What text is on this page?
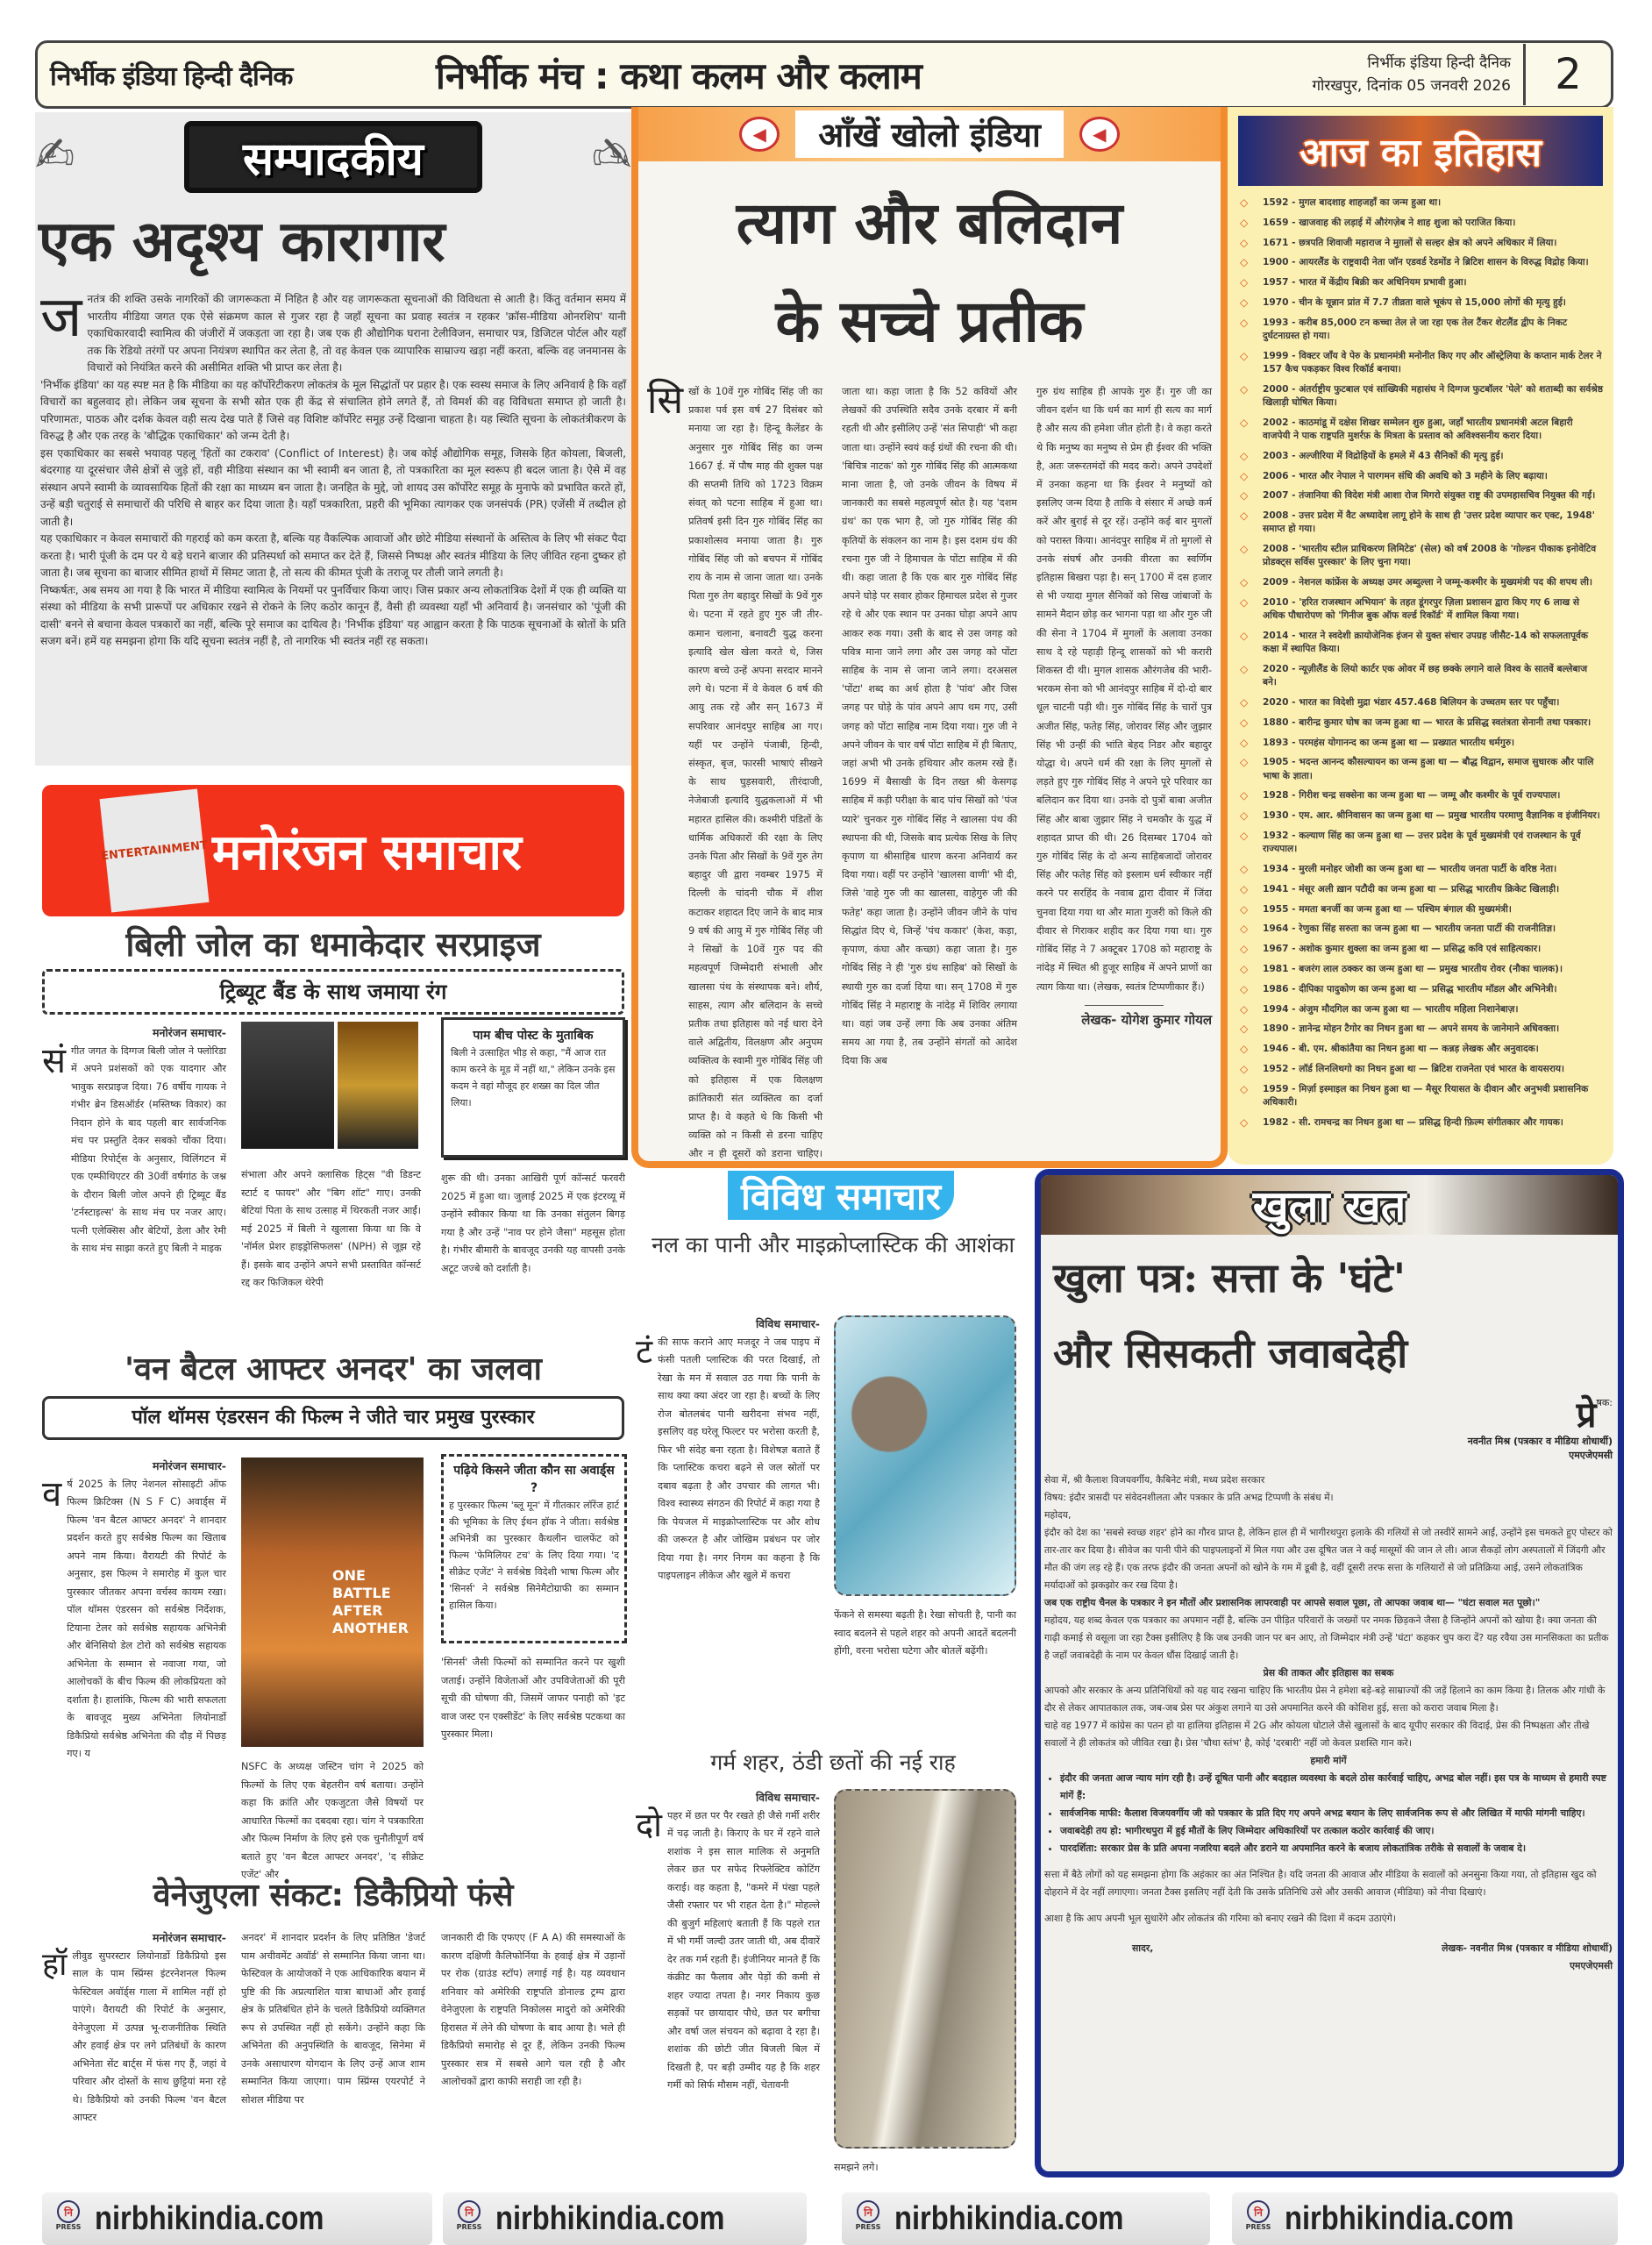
निर्भीक इंडिया हिन्दी दैनिक	निर्भीक मंच : कथा कलम और कलाम	निर्भीक इंडिया हिन्दी दैनिक
गोरखपुर, दिनांक 05 जनवरी 2026	2
✍	सम्पादकीय	✍
एक अदृश्य कारागार
ज नतंत्र की शक्ति उसके नागरिकों की जागरूकता में निहित है और यह जागरूकता सूचनाओं की विविधता से आती है। किंतु वर्तमान समय में भारतीय मीडिया जगत एक ऐसे संक्रमण काल से गुजर रहा है जहाँ सूचना का प्रवाह स्वतंत्र न रहकर 'क्रॉस-मीडिया ओनरशिप' यानी एकाधिकारवादी स्वामित्व की जंजीरों में जकड़ता जा रहा है। जब एक ही औद्योगिक घराना टेलीविजन, समाचार पत्र, डिजिटल पोर्टल और यहाँ तक कि रेडियो तरंगों पर अपना नियंत्रण स्थापित कर लेता है, तो वह केवल एक व्यापारिक साम्राज्य खड़ा नहीं करता, बल्कि वह जनमानस के विचारों को नियंत्रित करने की असीमित शक्ति भी प्राप्त कर लेता है।

'निर्भीक इंडिया' का यह स्पष्ट मत है कि मीडिया का यह कॉर्पोरेटीकरण लोकतंत्र के मूल सिद्धांतों पर प्रहार है। एक स्वस्थ समाज के लिए अनिवार्य है कि वहाँ विचारों का बहुलवाद हो। लेकिन जब सूचना के सभी स्रोत एक ही केंद्र से संचालित होने लगते हैं, तो विमर्श की वह विविधता समाप्त हो जाती है। परिणामतः, पाठक और दर्शक केवल वही सत्य देख पाते हैं जिसे वह विशिष्ट कॉर्पोरेट समूह उन्हें दिखाना चाहता है। यह स्थिति सूचना के लोकतंत्रीकरण के विरुद्ध है और एक तरह के 'बौद्धिक एकाधिकार' को जन्म देती है।

इस एकाधिकार का सबसे भयावह पहलू 'हितों का टकराव' (Conflict of Interest) है। जब कोई औद्योगिक समूह, जिसके हित कोयला, बिजली, बंदरगाह या दूरसंचार जैसे क्षेत्रों से जुड़े हों, वही मीडिया संस्थान का भी स्वामी बन जाता है, तो पत्रकारिता का मूल स्वरूप ही बदल जाता है। ऐसे में वह संस्थान अपने स्वामी के व्यावसायिक हितों की रक्षा का माध्यम बन जाता है। जनहित के मुद्दे, जो शायद उस कॉर्पोरेट समूह के मुनाफे को प्रभावित करते हों, उन्हें बड़ी चतुराई से समाचारों की परिधि से बाहर कर दिया जाता है। यहाँ पत्रकारिता, प्रहरी की भूमिका त्यागकर एक जनसंपर्क (PR) एजेंसी में तब्दील हो जाती है।

यह एकाधिकार न केवल समाचारों की गहराई को कम करता है, बल्कि यह वैकल्पिक आवाजों और छोटे मीडिया संस्थानों के अस्तित्व के लिए भी संकट पैदा करता है। भारी पूंजी के दम पर ये बड़े घराने बाजार की प्रतिस्पर्धा को समाप्त कर देते हैं, जिससे निष्पक्ष और स्वतंत्र मीडिया के लिए जीवित रहना दुष्कर हो जाता है। जब सूचना का बाजार सीमित हाथों में सिमट जाता है, तो सत्य की कीमत पूंजी के तराजू पर तौली जाने लगती है।

निष्कर्षतः, अब समय आ गया है कि भारत में मीडिया स्वामित्व के नियमों पर पुनर्विचार किया जाए। जिस प्रकार अन्य लोकतांत्रिक देशों में एक ही व्यक्ति या संस्था को मीडिया के सभी प्रारूपों पर अधिकार रखने से रोकने के लिए कठोर कानून हैं, वैसी ही व्यवस्था यहाँ भी अनिवार्य है। जनसंचार को 'पूंजी की दासी' बनने से बचाना केवल पत्रकारों का नहीं, बल्कि पूरे समाज का दायित्व है। 'निर्भीक इंडिया' यह आह्वान करता है कि पाठक सूचनाओं के स्रोतों के प्रति सजग बनें। हमें यह समझना होगा कि यदि सूचना स्वतंत्र नहीं है, तो नागरिक भी स्वतंत्र नहीं रह सकता।

◀	आँखें खोलो इंडिया	◀
त्याग और बलिदान
के सच्चे प्रतीक
सि खों के 10वें गुरु गोबिंद सिंह जी का प्रकाश पर्व इस वर्ष 27 दिसंबर को मनाया जा रहा है। हिन्दू कैलेंडर के अनुसार गुरु गोबिंद सिंह का जन्म 1667 ई. में पौष माह की शुक्ल पक्ष की सप्तमी तिथि को 1723 विक्रम संवत् को पटना साहिब में हुआ था। प्रतिवर्ष इसी दिन गुरु गोबिंद सिंह का प्रकाशोत्सव मनाया जाता है। गुरु गोबिंद सिंह जी को बचपन में गोबिंद राय के नाम से जाना जाता था। उनके पिता गुरु तेग बहादुर सिखों के 9वें गुरु थे। पटना में रहते हुए गुरु जी तीर-कमान चलाना, बनावटी युद्ध करना इत्यादि खेल खेला करते थे, जिस कारण बच्चे उन्हें अपना सरदार मानने लगे थे। पटना में वे केवल 6 वर्ष की आयु तक रहे और सन् 1673 में सपरिवार आनंदपुर साहिब आ गए। यहीं पर उन्होंने पंजाबी, हिन्दी, संस्कृत, बृज, फारसी भाषाएं सीखने के साथ घुड़सवारी, तीरंदाजी, नेजेबाजी इत्यादि युद्धकलाओं में भी महारत हासिल की। कश्मीरी पंडितों के धार्मिक अधिकारों की रक्षा के लिए उनके पिता और सिखों के 9वें गुरु तेग बहादुर जी द्वारा नवम्बर 1975 में दिल्ली के चांदनी चौक में शीश कटाकर शहादत दिए जाने के बाद मात्र 9 वर्ष की आयु में गुरु गोबिंद सिंह जी ने सिखों के 10वें गुरु पद की महत्वपूर्ण जिम्मेदारी संभाली और खालसा पंथ के संस्थापक बने। शौर्य, साहस, त्याग और बलिदान के सच्चे प्रतीक तथा इतिहास को नई धारा देने वाले अद्वितीय, विलक्षण और अनुपम व्यक्तित्व के स्वामी गुरु गोबिंद सिंह जी को इतिहास में एक विलक्षण क्रांतिकारी संत व्यक्तित्व का दर्जा प्राप्त है। वे कहते थे कि किसी भी व्यक्ति को न किसी से डरना चाहिए और न ही दूसरों को डराना चाहिए।
जाता था। कहा जाता है कि 52 कवियों और लेखकों की उपस्थिति सदैव उनके दरबार में बनी रहती थी और इसीलिए उन्हें 'संत सिपाही' भी कहा जाता था। उन्होंने स्वयं कई ग्रंथों की रचना की थी। 'बिचित्र नाटक' को गुरु गोबिंद सिंह की आत्मकथा माना जाता है, जो उनके जीवन के विषय में जानकारी का सबसे महत्वपूर्ण स्रोत है। यह 'दशम ग्रंथ' का एक भाग है, जो गुरु गोबिंद सिंह की कृतियों के संकलन का नाम है। इस दशम ग्रंथ की रचना गुरु जी ने हिमाचल के पोंटा साहिब में की थी। कहा जाता है कि एक बार गुरु गोबिंद सिंह अपने घोड़े पर सवार होकर हिमाचल प्रदेश से गुजर रहे थे और एक स्थान पर उनका घोड़ा अपने आप आकर रुक गया। उसी के बाद से उस जगह को पवित्र माना जाने लगा और उस जगह को पोंटा साहिब के नाम से जाना जाने लगा। दरअसल 'पोंटा' शब्द का अर्थ होता है 'पांव' और जिस जगह पर घोड़े के पांव अपने आप थम गए, उसी जगह को पोंटा साहिब नाम दिया गया। गुरु जी ने अपने जीवन के चार वर्ष पोंटा साहिब में ही बिताए, जहां अभी भी उनके हथियार और कलम रखे हैं। 1699 में बैसाखी के दिन तख्त श्री केसगढ़ साहिब में कड़ी परीक्षा के बाद पांच सिखों को 'पंज प्यारे' चुनकर गुरु गोबिंद सिंह ने खालसा पंथ की स्थापना की थी, जिसके बाद प्रत्येक सिख के लिए कृपाण या श्रीसाहिब धारण करना अनिवार्य कर दिया गया। वहीं पर उन्होंने 'खालसा वाणी' भी दी, जिसे 'वाहे गुरु जी का खालसा, वाहेगुरु जी की फतेह' कहा जाता है। उन्होंने जीवन जीने के पांच सिद्धांत दिए थे, जिन्हें 'पंच ककार' (केश, कड़ा, कृपाण, कंघा और कच्छा) कहा जाता है। गुरु गोबिंद सिंह ने ही 'गुरु ग्रंथ साहिब' को सिखों के स्थायी गुरु का दर्जा दिया था। सन् 1708 में गुरु गोबिंद सिंह ने महाराष्ट्र के नांदेड़ में शिविर लगाया था। वहां जब उन्हें लगा कि अब उनका अंतिम समय आ गया है, तब उन्होंने संगतों को आदेश दिया कि अब
गुरु ग्रंथ साहिब ही आपके गुरु हैं। गुरु जी का जीवन दर्शन था कि धर्म का मार्ग ही सत्य का मार्ग है और सत्य की हमेशा जीत होती है। वे कहा करते थे कि मनुष्य का मनुष्य से प्रेम ही ईश्वर की भक्ति है, अतः जरूरतमंदों की मदद करो। अपने उपदेशों में उनका कहना था कि ईश्वर ने मनुष्यों को इसलिए जन्म दिया है ताकि वे संसार में अच्छे कर्म करें और बुराई से दूर रहें। उन्होंने कई बार मुगलों को परास्त किया। आनंदपुर साहिब में तो मुगलों से उनके संघर्ष और उनकी वीरता का स्वर्णिम इतिहास बिखरा पड़ा है। सन् 1700 में दस हजार से भी ज्यादा मुगल सैनिकों को सिख जांबाजों के सामने मैदान छोड़ कर भागना पड़ा था और गुरु जी की सेना ने 1704 में मुगलों के अलावा उनका साथ दे रहे पहाड़ी हिन्दू शासकों को भी करारी शिकस्त दी थी। मुगल शासक औरंगजेब की भारी-भरकम सेना को भी आनंदपुर साहिब में दो-दो बार धूल चाटनी पड़ी थी। गुरु गोबिंद सिंह के चारों पुत्र अजीत सिंह, फतेह सिंह, जोरावर सिंह और जुझार सिंह भी उन्हीं की भांति बेहद निडर और बहादुर योद्धा थे। अपने धर्म की रक्षा के लिए मुगलों से लड़ते हुए गुरु गोबिंद सिंह ने अपने पूरे परिवार का बलिदान कर दिया था। उनके दो पुत्रों बाबा अजीत सिंह और बाबा जुझार सिंह ने चमकौर के युद्ध में शहादत प्राप्त की थी। 26 दिसम्बर 1704 को गुरु गोबिंद सिंह के दो अन्य साहिबजादों जोरावर सिंह और फतेह सिंह को इस्लाम धर्म स्वीकार नहीं करने पर सरहिंद के नवाब द्वारा दीवार में जिंदा चुनवा दिया गया था और माता गुजरी को किले की दीवार से गिराकर शहीद कर दिया गया था। गुरु गोबिंद सिंह ने 7 अक्टूबर 1708 को महाराष्ट्र के नांदेड़ में स्थित श्री हुजूर साहिब में अपने प्राणों का त्याग किया था। (लेखक, स्वतंत्र टिप्पणीकार हैं।)
लेखक- योगेश कुमार गोयल
आज का इतिहास
◇	1592 - मुगल बादशाह शाहजहाँ का जन्म हुआ था।
◇	1659 - खाजवाह की लड़ाई में औरंगज़ेब ने शाह शुजा को पराजित किया।
◇	1671 - छत्रपति शिवाजी महाराज ने मुग़लों से सल्हर क्षेत्र को अपने अधिकार में लिया।
◇	1900 - आयरलैंड के राष्ट्रवादी नेता जाॅन एडवर्ड रेडमोंड ने ब्रिटिश शासन के विरुद्ध विद्रोह किया।
◇	1957 - भारत में केंद्रीय बिक्री कर अधिनियम प्रभावी हुआ।
◇	1970 - चीन के यून्नान प्रांत में 7.7 तीव्रता वाले भूकंप से 15,000 लोगों की मृत्यु हुई।
◇	1993 - करीब 85,000 टन कच्चा तेल ले जा रहा एक तेल टैंकर शेटलैंड द्वीप के निकट दुर्घटनाग्रस्त हो गया।
◇	1999 - विक्टर जाँय वे पेरु के प्रधानमंत्री मनोनीत किए गए और ऑस्ट्रेलिया के कप्तान मार्क टेलर ने 157 कैच पकड़कर विश्व रिकॉर्ड बनाया।
◇	2000 - अंतर्राष्ट्रीय फुटबाल एवं सांख्यिकी महासंघ ने दिग्गज फुटबॉलर 'पेले' को शताब्दी का सर्वश्रेष्ठ खिलाड़ी घोषित किया।
◇	2002 - काठमांडू में दक्षेस शिखर सम्मेलन शुरु हुआ, जहाँ भारतीय प्रधानमंत्री अटल बिहारी वाजपेयी ने पाक राष्ट्रपति मुशर्रफ़ के मित्रता के प्रस्ताव को अविश्वसनीय करार दिया।
◇	2003 - अल्जीरिया में विद्रोहियों के हमले में 43 सैनिकों की मृत्यु हुई।
◇	2006 - भारत और नेपाल ने पारगमन संधि की अवधि को 3 महीने के लिए बढ़ाया।
◇	2007 - तंजानिया की विदेश मंत्री आशा रोज मिगरो संयुक्त राष्ट्र की उपमहासचिव नियुक्त की गईं।
◇	2008 - उत्तर प्रदेश में वैट अध्यादेश लागू होने के साथ ही 'उत्तर प्रदेश व्यापार कर एक्ट, 1948' समाप्त हो गया।
◇	2008 - 'भारतीय स्टील प्राधिकरण लिमिटेड' (सेल) को वर्ष 2008 के 'गोल्डन पीकाक इनोवेटिव प्रोडक्ट्स सर्विस पुरस्कार' के लिए चुना गया।
◇	2009 - नेशनल कांफ्रेंस के अध्यक्ष उमर अब्दुल्ला ने जम्मू-कश्मीर के मुख्यमंत्री पद की शपथ ली।
◇	2010 - 'हरित राजस्थान अभियान' के तहत डूंगरपुर ज़िला प्रशासन द्वारा किए गए 6 लाख से अधिक पौधारोपण को 'गिनीज बुक ऑफ वर्ल्ड रिकॉर्ड' में शामिल किया गया।
◇	2014 - भारत ने स्वदेशी क्रायोजेनिक इंजन से युक्त संचार उपग्रह जीसैट-14 को सफलतापूर्वक कक्षा में स्थापित किया।
◇	2020 - न्यूज़ीलैंड के लियो कार्टर एक ओवर में छह छक्के लगाने वाले विश्व के सातवें बल्लेबाज बने।
◇	2020 - भारत का विदेशी मुद्रा भंडार 457.468 बिलियन के उच्चतम स्तर पर पहुँचा।
◇	1880 - बारीन्द्र कुमार घोष का जन्म हुआ था — भारत के प्रसिद्ध स्वतंत्रता सेनानी तथा पत्रकार।
◇	1893 - परमहंस योगानन्द का जन्म हुआ था — प्रख्यात भारतीय धर्मगुरु।
◇	1905 - भदन्त आनन्द कौसल्यायन का जन्म हुआ था — बौद्ध विद्वान, समाज सुधारक और पालि भाषा के ज्ञाता।
◇	1928 - गिरीश चन्द्र सक्सेना का जन्म हुआ था — जम्मू और कश्मीर के पूर्व राज्यपाल।
◇	1930 - एम. आर. श्रीनिवासन का जन्म हुआ था — प्रमुख भारतीय परमाणु वैज्ञानिक व इंजीनियर।
◇	1932 - कल्याण सिंह का जन्म हुआ था — उत्तर प्रदेश के पूर्व मुख्यमंत्री एवं राजस्थान के पूर्व राज्यपाल।
◇	1934 - मुरली मनोहर जोशी का जन्म हुआ था — भारतीय जनता पार्टी के वरिष्ठ नेता।
◇	1941 - मंसूर अली ख़ान पटौदी का जन्म हुआ था — प्रसिद्ध भारतीय क्रिकेट खिलाड़ी।
◇	1955 - ममता बनर्जी का जन्म हुआ था — पश्चिम बंगाल की मुख्यमंत्री।
◇	1964 - रेणुका सिंह सरुता का जन्म हुआ था — भारतीय जनता पार्टी की राजनीतिज्ञ।
◇	1967 - अशोक कुमार शुक्ला का जन्म हुआ था — प्रसिद्ध कवि एवं साहित्यकार।
◇	1981 - बजरंग लाल ठक्कर का जन्म हुआ था — प्रमुख भारतीय रोवर (नौका चालक)।
◇	1986 - दीपिका पादुकोण का जन्म हुआ था — प्रसिद्ध भारतीय मॉडल और अभिनेत्री।
◇	1994 - अंजुम मौदगिल का जन्म हुआ था — भारतीय महिला निशानेबाज़।
◇	1890 - ज्ञानेन्द्र मोहन टैगोर का निधन हुआ था — अपने समय के जानेमाने अधिवक्ता।
◇	1946 - बी. एम. श्रीकांतैया का निधन हुआ था — कन्नड़ लेखक और अनुवादक।
◇	1952 - लॉर्ड लिनलिथगो का निधन हुआ था — ब्रिटिश राजनेता एवं भारत के वायसराय।
◇	1959 - मिर्ज़ा इस्माइल का निधन हुआ था — मैसूर रियासत के दीवान और अनुभवी प्रशासनिक अधिकारी।
◇	1982 - सी. रामचन्द्र का निधन हुआ था — प्रसिद्ध हिन्दी फ़िल्म संगीतकार और गायक।
ENTERTAINMENT मनोरंजन समाचार
बिली जोल का धमाकेदार सरप्राइज
ट्रिब्यूट बैंड के साथ जमाया रंग
मनोरंजन समाचार-
सं गीत जगत के दिग्गज बिली जोल ने फ्लोरिडा में अपने प्रशंसकों को एक यादगार और भावुक सरप्राइज दिया। 76 वर्षीय गायक ने गंभीर ब्रेन डिसऑर्डर (मस्तिष्क विकार) का निदान होने के बाद पहली बार सार्वजनिक मंच पर प्रस्तुति देकर सबको चौंका दिया। मीडिया रिपोर्ट्स के अनुसार, विलिंगटन में एक एम्फीथिएटर की 30वीं वर्षगांठ के जश्न के दौरान बिली जोल अपने ही ट्रिब्यूट बैंड 'टर्नस्टाइल्स' के साथ मंच पर नजर आए। पत्नी एलेक्सिस और बेटियों, डेला और रेमी के साथ मंच साझा करते हुए बिली ने माइक
संभाला और अपने क्लासिक हिट्स "वी डिडन्ट स्टार्ट द फायर" और "बिग शॉट" गाए। उनकी बेटियां पिता के साथ उत्साह में थिरकती नजर आईं। मई 2025 में बिली ने खुलासा किया था कि वे 'नॉर्मल प्रेशर हाइड्रोसिफलस' (NPH) से जूझ रहे हैं। इसके बाद उन्होंने अपने सभी प्रस्तावित कॉन्सर्ट रद्द कर फिजिकल थेरेपी
पाम बीच पोस्ट के मुताबिक
बिली ने उत्साहित भीड़ से कहा, "मैं आज रात काम करने के मूड में नहीं था," लेकिन उनके इस कदम ने वहां मौजूद हर शख्स का दिल जीत लिया।
शुरू की थी। उनका आखिरी पूर्ण कॉन्सर्ट फरवरी 2025 में हुआ था। जुलाई 2025 में एक इंटरव्यू में उन्होंने स्वीकार किया था कि उनका संतुलन बिगड़ गया है और उन्हें "नाव पर होने जैसा" महसूस होता है। गंभीर बीमारी के बावजूद उनकी यह वापसी उनके अटूट जज्बे को दर्शाती है।
'वन बैटल आफ्टर अनदर' का जलवा
पॉल थॉमस एंडरसन की फिल्म ने जीते चार प्रमुख पुरस्कार
मनोरंजन समाचार-
व र्ष 2025 के लिए नेशनल सोसाइटी ऑफ फिल्म क्रिटिक्स (N S F C) अवार्ड्स में फिल्म 'वन बैटल आफ्टर अनदर' ने शानदार प्रदर्शन करते हुए सर्वश्रेष्ठ फिल्म का खिताब अपने नाम किया। वैरायटी की रिपोर्ट के अनुसार, इस फिल्म ने समारोह में कुल चार पुरस्कार जीतकर अपना वर्चस्व कायम रखा। पॉल थॉमस एंडरसन को सर्वश्रेष्ठ निर्देशक, टियाना टेलर को सर्वश्रेष्ठ सहायक अभिनेत्री और बेनिसियो डेल टोरो को सर्वश्रेष्ठ सहायक अभिनेता के सम्मान से नवाजा गया, जो आलोचकों के बीच फिल्म की लोकप्रियता को दर्शाता है। हालांकि, फिल्म की भारी सफलता के बावजूद मुख्य अभिनेता लियोनार्डो डिकैप्रियो सर्वश्रेष्ठ अभिनेता की दौड़ में पिछड़ गए। य
ONE BATTLE AFTER ANOTHER
NSFC के अध्यक्ष जस्टिन चांग ने 2025 को फिल्मों के लिए एक बेहतरीन वर्ष बताया। उन्होंने कहा कि क्रांति और एकजुटता जैसे विषयों पर आधारित फिल्मों का दबदबा रहा। चांग ने पत्रकारिता और फिल्म निर्माण के लिए इसे एक चुनौतीपूर्ण वर्ष बताते हुए 'वन बैटल आफ्टर अनदर', 'द सीक्रेट एजेंट' और
पढ़िये किसने जीता कौन सा अवार्ड्स ?
ह पुरस्कार फिल्म 'ब्लू मून' में गीतकार लॉरेंज हार्ट की भूमिका के लिए ईथन हॉक ने जीता। सर्वश्रेष्ठ अभिनेत्री का पुरस्कार कैथलीन चालफेंट को फिल्म 'फेमिलियर टच' के लिए दिया गया। 'द सीक्रेट एजेंट' ने सर्वश्रेष्ठ विदेशी भाषा फिल्म और 'सिनर्स' ने सर्वश्रेष्ठ सिनेमैटोग्राफी का सम्मान हासिल किया।
'सिनर्स' जैसी फिल्मों को सम्मानित करने पर खुशी जताई। उन्होंने विजेताओं और उपविजेताओं की पूरी सूची की घोषणा की, जिसमें जाफर पनाही को 'इट वाज जस्ट एन एक्सीडेंट' के लिए सर्वश्रेष्ठ पटकथा का पुरस्कार मिला।
वेनेजुएला संकट: डिकैप्रियो फंसे
मनोरंजन समाचार-
हॉ लीवुड सुपरस्टार लियोनार्डो डिकैप्रियो इस साल के पाम स्प्रिंग्स इंटरनेशनल फिल्म फेस्टिवल अवॉर्ड्स गाला में शामिल नहीं हो पाएंगे। वैरायटी की रिपोर्ट के अनुसार, वेनेजुएला में उत्पन्न भू-राजनीतिक स्थिति और हवाई क्षेत्र पर लगे प्रतिबंधों के कारण अभिनेता सेंट बार्ट्स में फंस गए हैं, जहां वे परिवार और दोस्तों के साथ छुट्टियां मना रहे थे। डिकैप्रियो को उनकी फिल्म 'वन बैटल आफ्टर
अनदर' में शानदार प्रदर्शन के लिए प्रतिष्ठित 'डेजर्ट पाम अचीवमेंट अवॉर्ड' से सम्मानित किया जाना था। फेस्टिवल के आयोजकों ने एक आधिकारिक बयान में पुष्टि की कि अप्रत्याशित यात्रा बाधाओं और हवाई क्षेत्र के प्रतिबंधित होने के चलते डिकैप्रियो व्यक्तिगत रूप से उपस्थित नहीं हो सकेंगे। उन्होंने कहा कि अभिनेता की अनुपस्थिति के बावजूद, सिनेमा में उनके असाधारण योगदान के लिए उन्हें आज शाम सम्मानित किया जाएगा। पाम स्प्रिंग्स एयरपोर्ट ने सोशल मीडिया पर
जानकारी दी कि एफएए (F A A) की समस्याओं के कारण दक्षिणी कैलिफोर्निया के हवाई क्षेत्र में उड़ानों पर रोक (ग्राउंड स्टॉप) लगाई गई है। यह व्यवधान शनिवार को अमेरिकी राष्ट्रपति डोनाल्ड ट्रम्प द्वारा वेनेजुएला के राष्ट्रपति निकोलस मादुरो को अमेरिकी हिरासत में लेने की घोषणा के बाद आया है। भले ही डिकैप्रियो समारोह से दूर हैं, लेकिन उनकी फिल्म पुरस्कार सत्र में सबसे आगे चल रही है और आलोचकों द्वारा काफी सराही जा रही है।
विविध समाचार
नल का पानी और माइक्रोप्लास्टिक की आशंका
विविध समाचार-
टं की साफ कराने आए मजदूर ने जब पाइप में फंसी पतली प्लास्टिक की परत दिखाई, तो रेखा के मन में सवाल उठ गया कि पानी के साथ क्या क्या अंदर जा रहा है। बच्चों के लिए रोज बोतलबंद पानी खरीदना संभव नहीं, इसलिए वह घरेलू फिल्टर पर भरोसा करती है, फिर भी संदेह बना रहता है। विशेषज्ञ बताते हैं कि प्लास्टिक कचरा बढ़ने से जल स्रोतों पर दबाव बढ़ता है और उपचार की लागत भी। विश्व स्वास्थ्य संगठन की रिपोर्ट में कहा गया है कि पेयजल में माइक्रोप्लास्टिक पर और शोध की जरूरत है और जोखिम प्रबंधन पर जोर दिया गया है। नगर निगम का कहना है कि पाइपलाइन लीकेज और खुले में कचरा
फेंकने से समस्या बढ़ती है। रेखा सोचती है, पानी का स्वाद बदलने से पहले शहर को अपनी आदतें बदलनी होंगी, वरना भरोसा घटेगा और बोतलें बढ़ेंगी।
गर्म शहर, ठंडी छतों की नई राह
विविध समाचार-
दो पहर में छत पर पैर रखते ही जैसे गर्मी शरीर में चढ़ जाती है। किराए के घर में रहने वाले शशांक ने इस साल मालिक से अनुमति लेकर छत पर सफेद रिफ्लेक्टिव कोटिंग कराई। वह कहता है, "कमरे में पंखा पहले जैसी रफ्तार पर भी राहत देता है।" मोहल्ले की बुजुर्ग महिलाएं बताती हैं कि पहले रात में भी गर्मी जल्दी उतर जाती थी, अब दीवारें देर तक गर्म रहती हैं। इंजीनियर मानते हैं कि कंक्रीट का फैलाव और पेड़ों की कमी से शहर ज्यादा तपता है। नगर निकाय कुछ सड़कों पर छायादार पौधे, छत पर बगीचा और वर्षा जल संचयन को बढ़ावा दे रहा है। शशांक की छोटी जीत बिजली बिल में दिखती है, पर बड़ी उम्मीद यह है कि शहर गर्मी को सिर्फ मौसम नहीं, चेतावनी
समझने लगे।
खुला खत
खुला पत्र: सत्ता के 'घंटे'
और सिसकती जवाबदेही
प्रे$^{षक:}$
नवनीत मिश्र (पत्रकार व मीडिया शोधार्थी)
एमएजेएमसी

सेवा में, श्री कैलाश विजयवर्गीय, कैबिनेट मंत्री, मध्य प्रदेश सरकार

विषय: इंदौर त्रासदी पर संवेदनशीलता और पत्रकार के प्रति अभद्र टिप्पणी के संबंध में।

महोदय,

इंदौर को देश का 'सबसे स्वच्छ शहर' होने का गौरव प्राप्त है, लेकिन हाल ही में भागीरथपुरा इलाके की गलियों से जो तस्वीरें सामने आईं, उन्होंने इस चमकते हुए पोस्टर को तार-तार कर दिया है। सीवेज का पानी पीने की पाइपलाइनों में मिल गया और उस दूषित जल ने कई मासूमों की जान ले ली। आज सैकड़ों लोग अस्पतालों में जिंदगी और मौत की जंग लड़ रहे हैं। एक तरफ इंदौर की जनता अपनों को खोने के गम में डूबी है, वहीं दूसरी तरफ सत्ता के गलियारों से जो प्रतिक्रिया आई, उसने लोकतांत्रिक मर्यादाओं को झकझोर कर रख दिया है।

जब एक राष्ट्रीय चैनल के पत्रकार ने इन मौतों और प्रशासनिक लापरवाही पर आपसे सवाल पूछा, तो आपका जवाब था— "घंटा सवाल मत पूछो।"

महोदय, यह शब्द केवल एक पत्रकार का अपमान नहीं है, बल्कि उन पीड़ित परिवारों के जख्मों पर नमक छिड़कने जैसा है जिन्होंने अपनों को खोया है। क्या जनता की गाढ़ी कमाई से वसूला जा रहा टैक्स इसीलिए है कि जब उनकी जान पर बन आए, तो जिम्मेदार मंत्री उन्हें 'घंटा' कहकर चुप करा दें? यह रवैया उस मानसिकता का प्रतीक है जहाँ जवाबदेही के नाम पर केवल धौंस दिखाई जाती है।

प्रेस की ताकत और इतिहास का सबक

आपको और सरकार के अन्य प्रतिनिधियों को यह याद रखना चाहिए कि भारतीय प्रेस ने हमेशा बड़े-बड़े साम्राज्यों की जड़ें हिलाने का काम किया है। तिलक और गांधी के दौर से लेकर आपातकाल तक, जब-जब प्रेस पर अंकुश लगाने या उसे अपमानित करने की कोशिश हुई, सत्ता को करारा जवाब मिला है।

चाहे वह 1977 में कांग्रेस का पतन हो या हालिया इतिहास में 2G और कोयला घोटाले जैसे खुलासों के बाद यूपीए सरकार की विदाई, प्रेस की निष्पक्षता और तीखे सवालों ने ही लोकतंत्र को जीवित रखा है। प्रेस 'चौथा स्तंभ' है, कोई 'दरबारी' नहीं जो केवल प्रशस्ति गान करे।

हमारी मांगें

• इंदौर की जनता आज न्याय मांग रही है। उन्हें दूषित पानी और बदहाल व्यवस्था के बदले ठोस कार्रवाई चाहिए, अभद्र बोल नहीं। इस पत्र के माध्यम से हमारी स्पष्ट मांगें हैं:
• सार्वजनिक माफी: कैलाश विजयवर्गीय जी को पत्रकार के प्रति दिए गए अपने अभद्र बयान के लिए सार्वजनिक रूप से और लिखित में माफी मांगनी चाहिए।
• जवाबदेही तय हो: भागीरथपुरा में हुई मौतों के लिए जिम्मेदार अधिकारियों पर तत्काल कठोर कार्रवाई की जाए।
• पारदर्शिता: सरकार प्रेस के प्रति अपना नजरिया बदले और डराने या अपमानित करने के बजाय लोकतांत्रिक तरीके से सवालों के जवाब दे।

सत्ता में बैठे लोगों को यह समझना होगा कि अहंकार का अंत निश्चित है। यदि जनता की आवाज और मीडिया के सवालों को अनसुना किया गया, तो इतिहास खुद को दोहराने में देर नहीं लगाएगा। जनता टैक्स इसलिए नहीं देती कि उसके प्रतिनिधि उसे और उसकी आवाज (मीडिया) को नीचा दिखाएं।

आशा है कि आप अपनी भूल सुधारेंगे और लोकतंत्र की गरिमा को बनाए रखने की दिशा में कदम उठाएंगे।

सादर,	लेखक- नवनीत मिश्र (पत्रकार व मीडिया शोधार्थी)
एमएजेएमसी
नि
PRESS nirbhikindia.com	नि
PRESS nirbhikindia.com	नि
PRESS nirbhikindia.com	नि
PRESS nirbhikindia.com
